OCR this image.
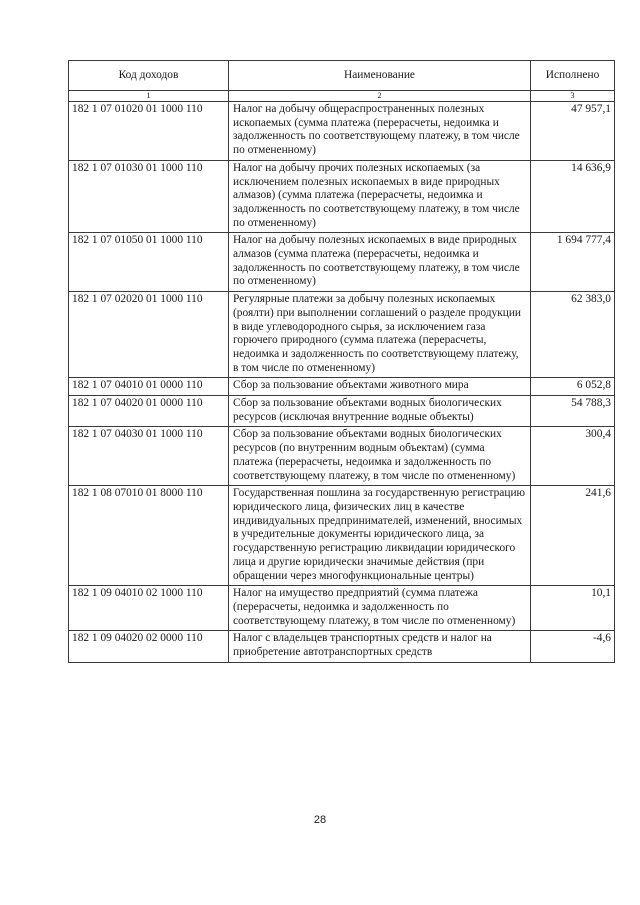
Код доходов	Наименование	Исполнено
1	2	3
182 1 07 01020 01 1000 110	Налог на добычу общераспространенных полезных ископаемых (сумма платежа (перерасчеты, недоимка и задолженность по соответствующему платежу, в том числе по отмененному)	47 957,1
182 1 07 01030 01 1000 110	Налог на добычу прочих полезных ископаемых (за исключением полезных ископаемых в виде природных алмазов) (сумма платежа (перерасчеты, недоимка и задолженность по соответствующему платежу, в том числе по отмененному)	14 636,9
182 1 07 01050 01 1000 110	Налог на добычу полезных ископаемых в виде природных алмазов (сумма платежа (перерасчеты, недоимка и задолженность по соответствующему платежу, в том числе по отмененному)	1 694 777,4
182 1 07 02020 01 1000 110	Регулярные платежи за добычу полезных ископаемых (роялти) при выполнении соглашений о разделе продукции в виде углеводородного сырья, за исключением газа горючего природного (сумма платежа (перерасчеты, недоимка и задолженность по соответствующему платежу, в том числе по отмененному)	62 383,0
182 1 07 04010 01 0000 110	Сбор за пользование объектами животного мира	6 052,8
182 1 07 04020 01 0000 110	Сбор за пользование объектами водных биологических ресурсов (исключая внутренние водные объекты)	54 788,3
182 1 07 04030 01 1000 110	Сбор за пользование объектами водных биологических ресурсов (по внутренним водным объектам) (сумма платежа (перерасчеты, недоимка и задолженность по соответствующему платежу, в том числе по отмененному)	300,4
182 1 08 07010 01 8000 110	Государственная пошлина за государственную регистрацию юридического лица, физических лиц в качестве индивидуальных предпринимателей, изменений, вносимых в учредительные документы юридического лица, за государственную регистрацию ликвидации юридического лица и другие юридически значимые действия (при обращении через многофункциональные центры)	241,6
182 1 09 04010 02 1000 110	Налог на имущество предприятий (сумма платежа (перерасчеты, недоимка и задолженность по соответствующему платежу, в том числе по отмененному)	10,1
182 1 09 04020 02 0000 110	Налог с владельцев транспортных средств и налог на приобретение автотранспортных средств	-4,6
28
